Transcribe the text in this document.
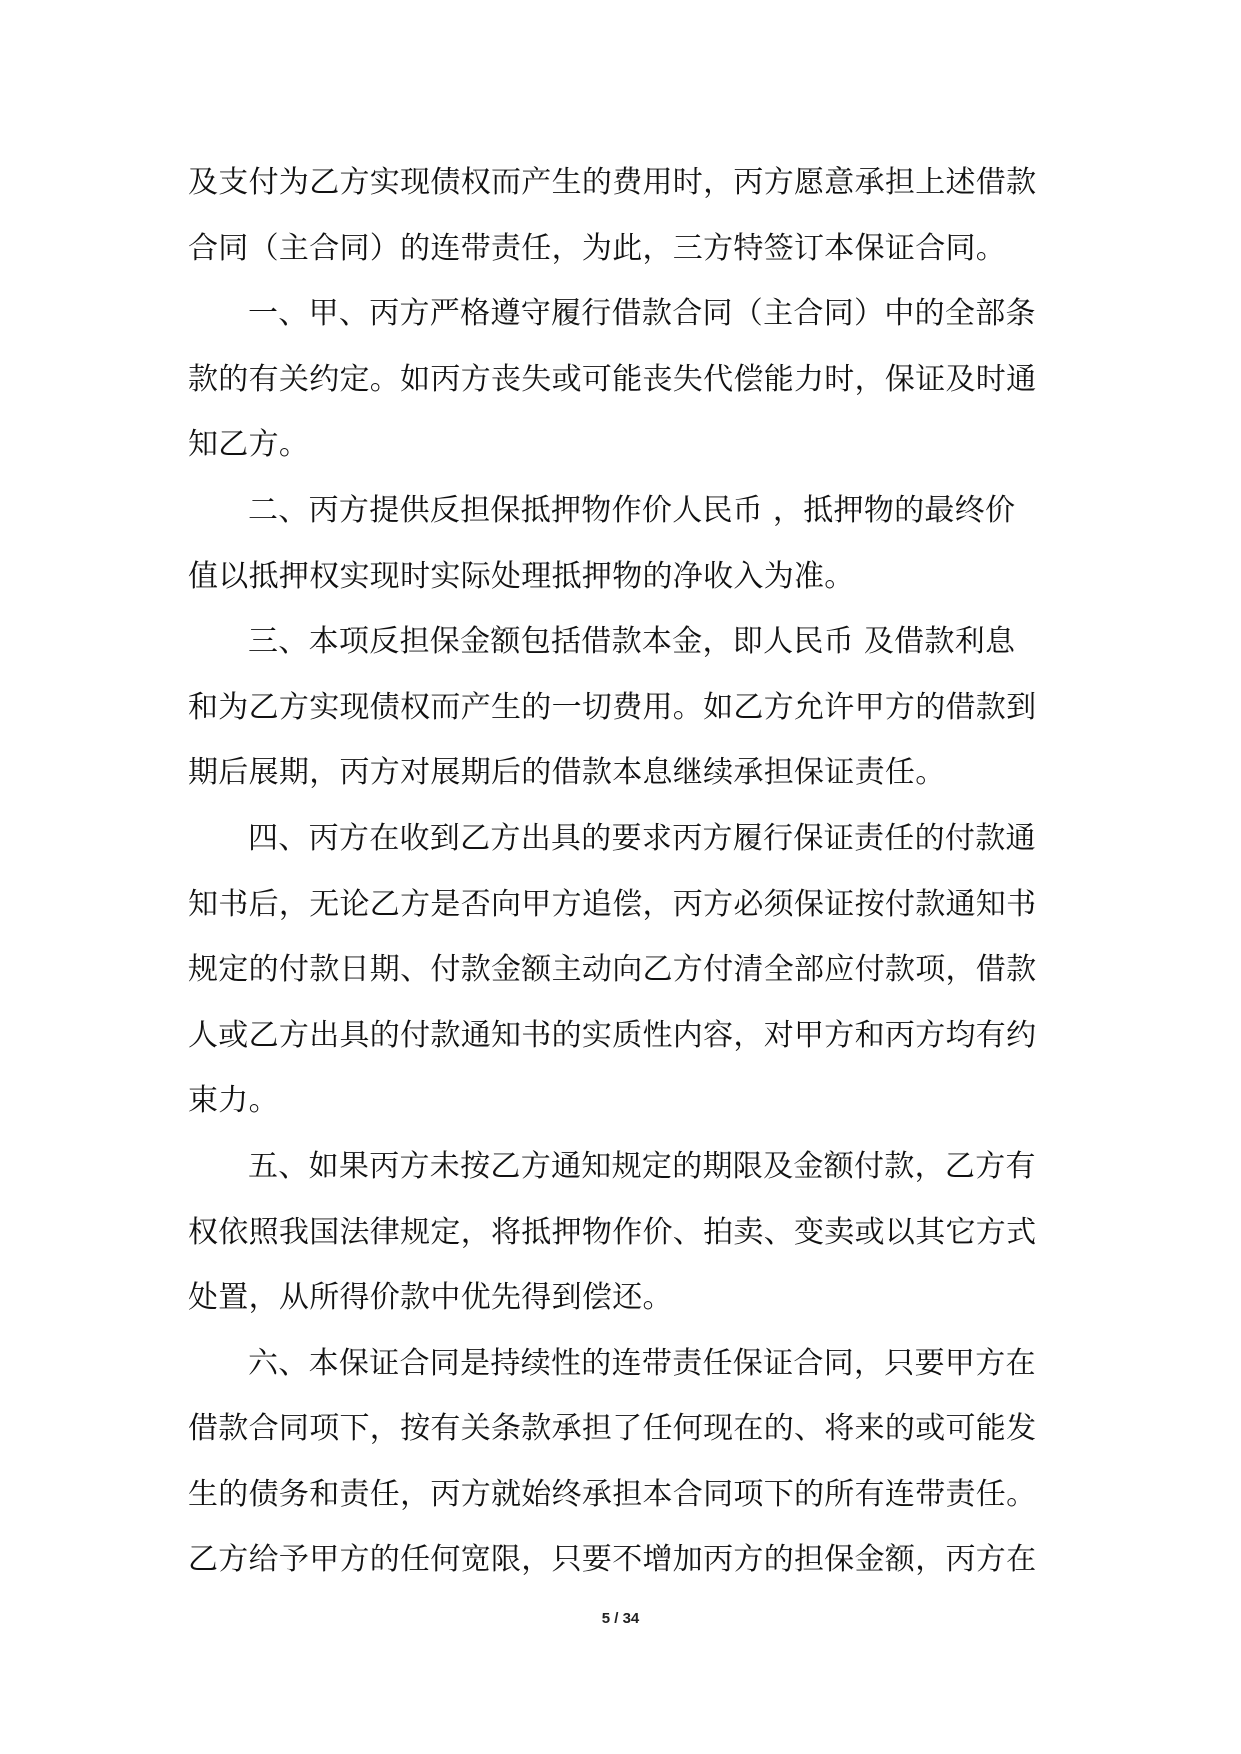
及支付为乙方实现债权而产生的费用时，丙方愿意承担上述借款
合同（主合同）的连带责任，为此，三方特签订本保证合同。
一、甲、丙方严格遵守履行借款合同（主合同）中的全部条
款的有关约定。如丙方丧失或可能丧失代偿能力时，保证及时通
知乙方。
二、丙方提供反担保抵押物作价人民币 ，抵押物的最终价
值以抵押权实现时实际处理抵押物的净收入为准。
三、本项反担保金额包括借款本金，即人民币 及借款利息
和为乙方实现债权而产生的一切费用。如乙方允许甲方的借款到
期后展期，丙方对展期后的借款本息继续承担保证责任。
四、丙方在收到乙方出具的要求丙方履行保证责任的付款通
知书后，无论乙方是否向甲方追偿，丙方必须保证按付款通知书
规定的付款日期、付款金额主动向乙方付清全部应付款项，借款
人或乙方出具的付款通知书的实质性内容，对甲方和丙方均有约
束力。
五、如果丙方未按乙方通知规定的期限及金额付款，乙方有
权依照我国法律规定，将抵押物作价、拍卖、变卖或以其它方式
处置，从所得价款中优先得到偿还。
六、本保证合同是持续性的连带责任保证合同，只要甲方在
借款合同项下，按有关条款承担了任何现在的、将来的或可能发
生的债务和责任，丙方就始终承担本合同项下的所有连带责任。
乙方给予甲方的任何宽限，只要不增加丙方的担保金额，丙方在
5 / 34
